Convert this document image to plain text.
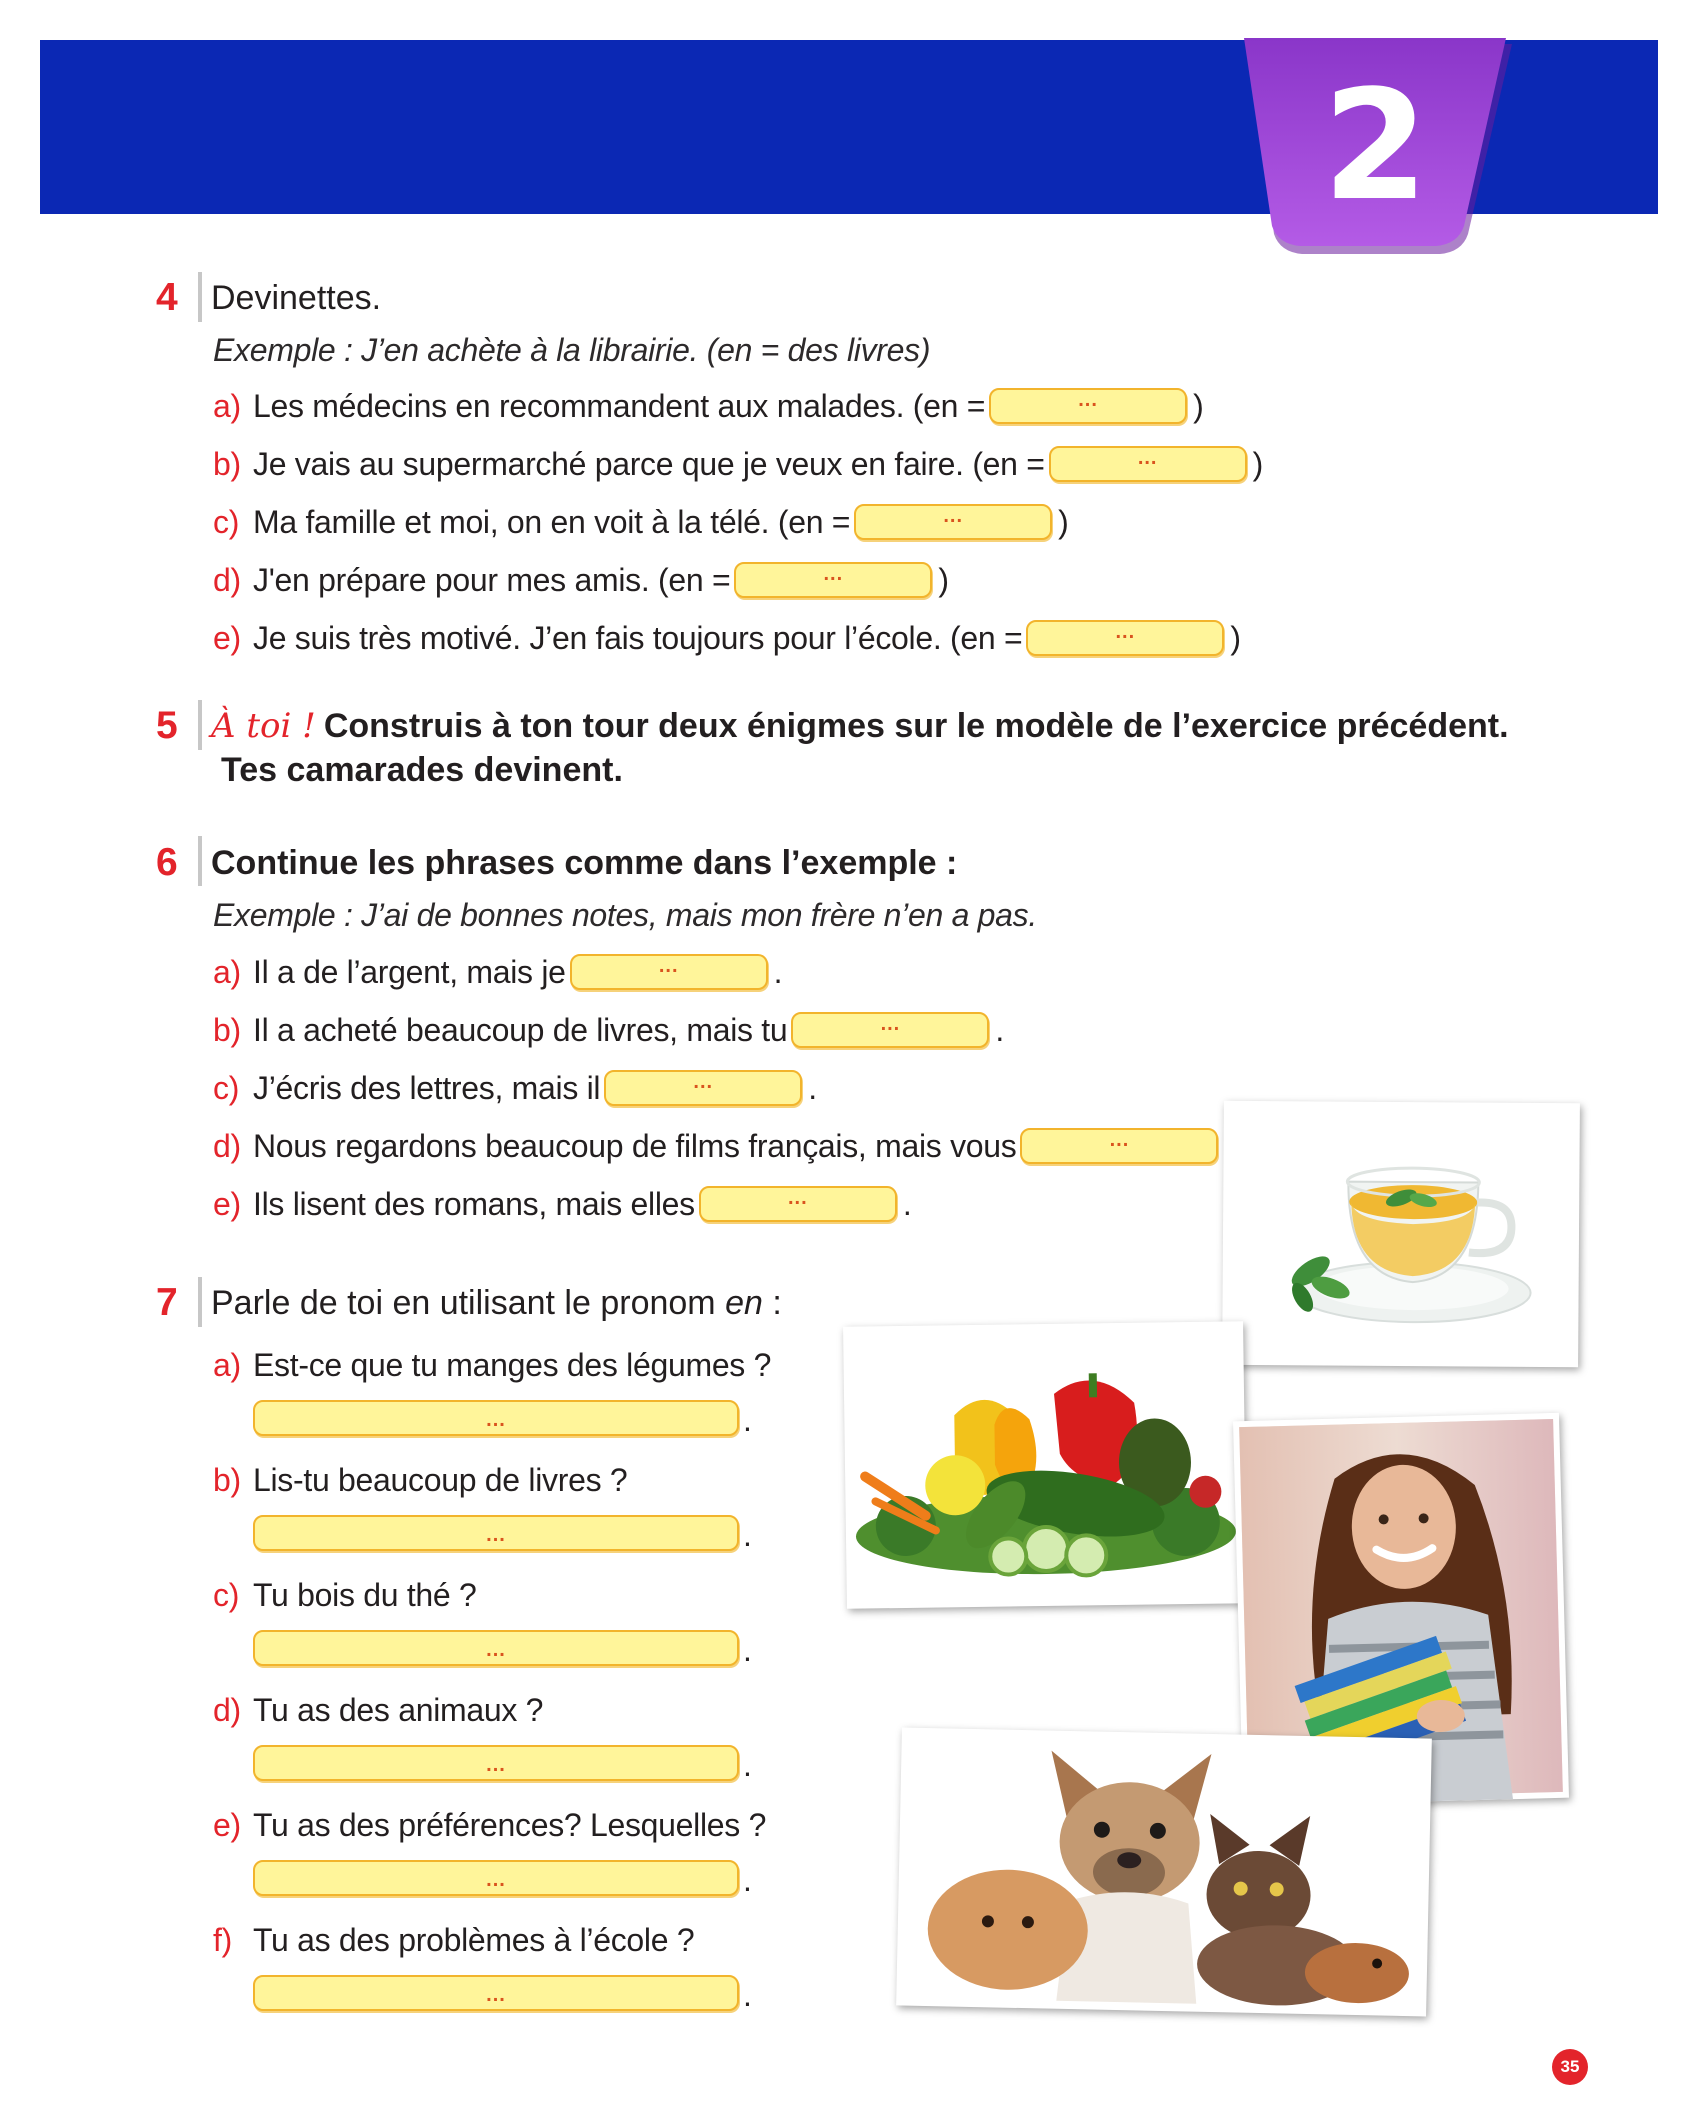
2
4 Devinettes.
Exemple : J’en achète à la librairie. (en = des livres)
a) Les médecins en recommandent aux malades. (en =	...	)
b) Je vais au supermarché parce que je veux en faire. (en =	...	)
c) Ma famille et moi, on en voit à la télé. (en =	...	)
d) J'en prépare pour mes amis. (en =	...	)
e) Je suis très motivé. J’en fais toujours pour l’école. (en =	...	)
5 À toi ! Construis à ton tour deux énigmes sur le modèle de l’exercice précédent.
Tes camarades devinent.
6 Continue les phrases comme dans l’exemple :
Exemple : J’ai de bonnes notes, mais mon frère n’en a pas.
a) Il a de l’argent, mais je	...	.
b) Il a acheté beaucoup de livres, mais tu	...	.
c) J’écris des lettres, mais il	...	.
d) Nous regardons beaucoup de films français, mais vous	...
e) Ils lisent des romans, mais elles	...	.
7 Parle de toi en utilisant le pronom en :
a) Est-ce que tu manges des légumes ?
...	.
b) Lis-tu beaucoup de livres ?
...	.
c) Tu bois du thé ?
...	.
d) Tu as des animaux ?
...	.
e) Tu as des préférences? Lesquelles ?
...	.
f) Tu as des problèmes à l’école ?
...	.
35
